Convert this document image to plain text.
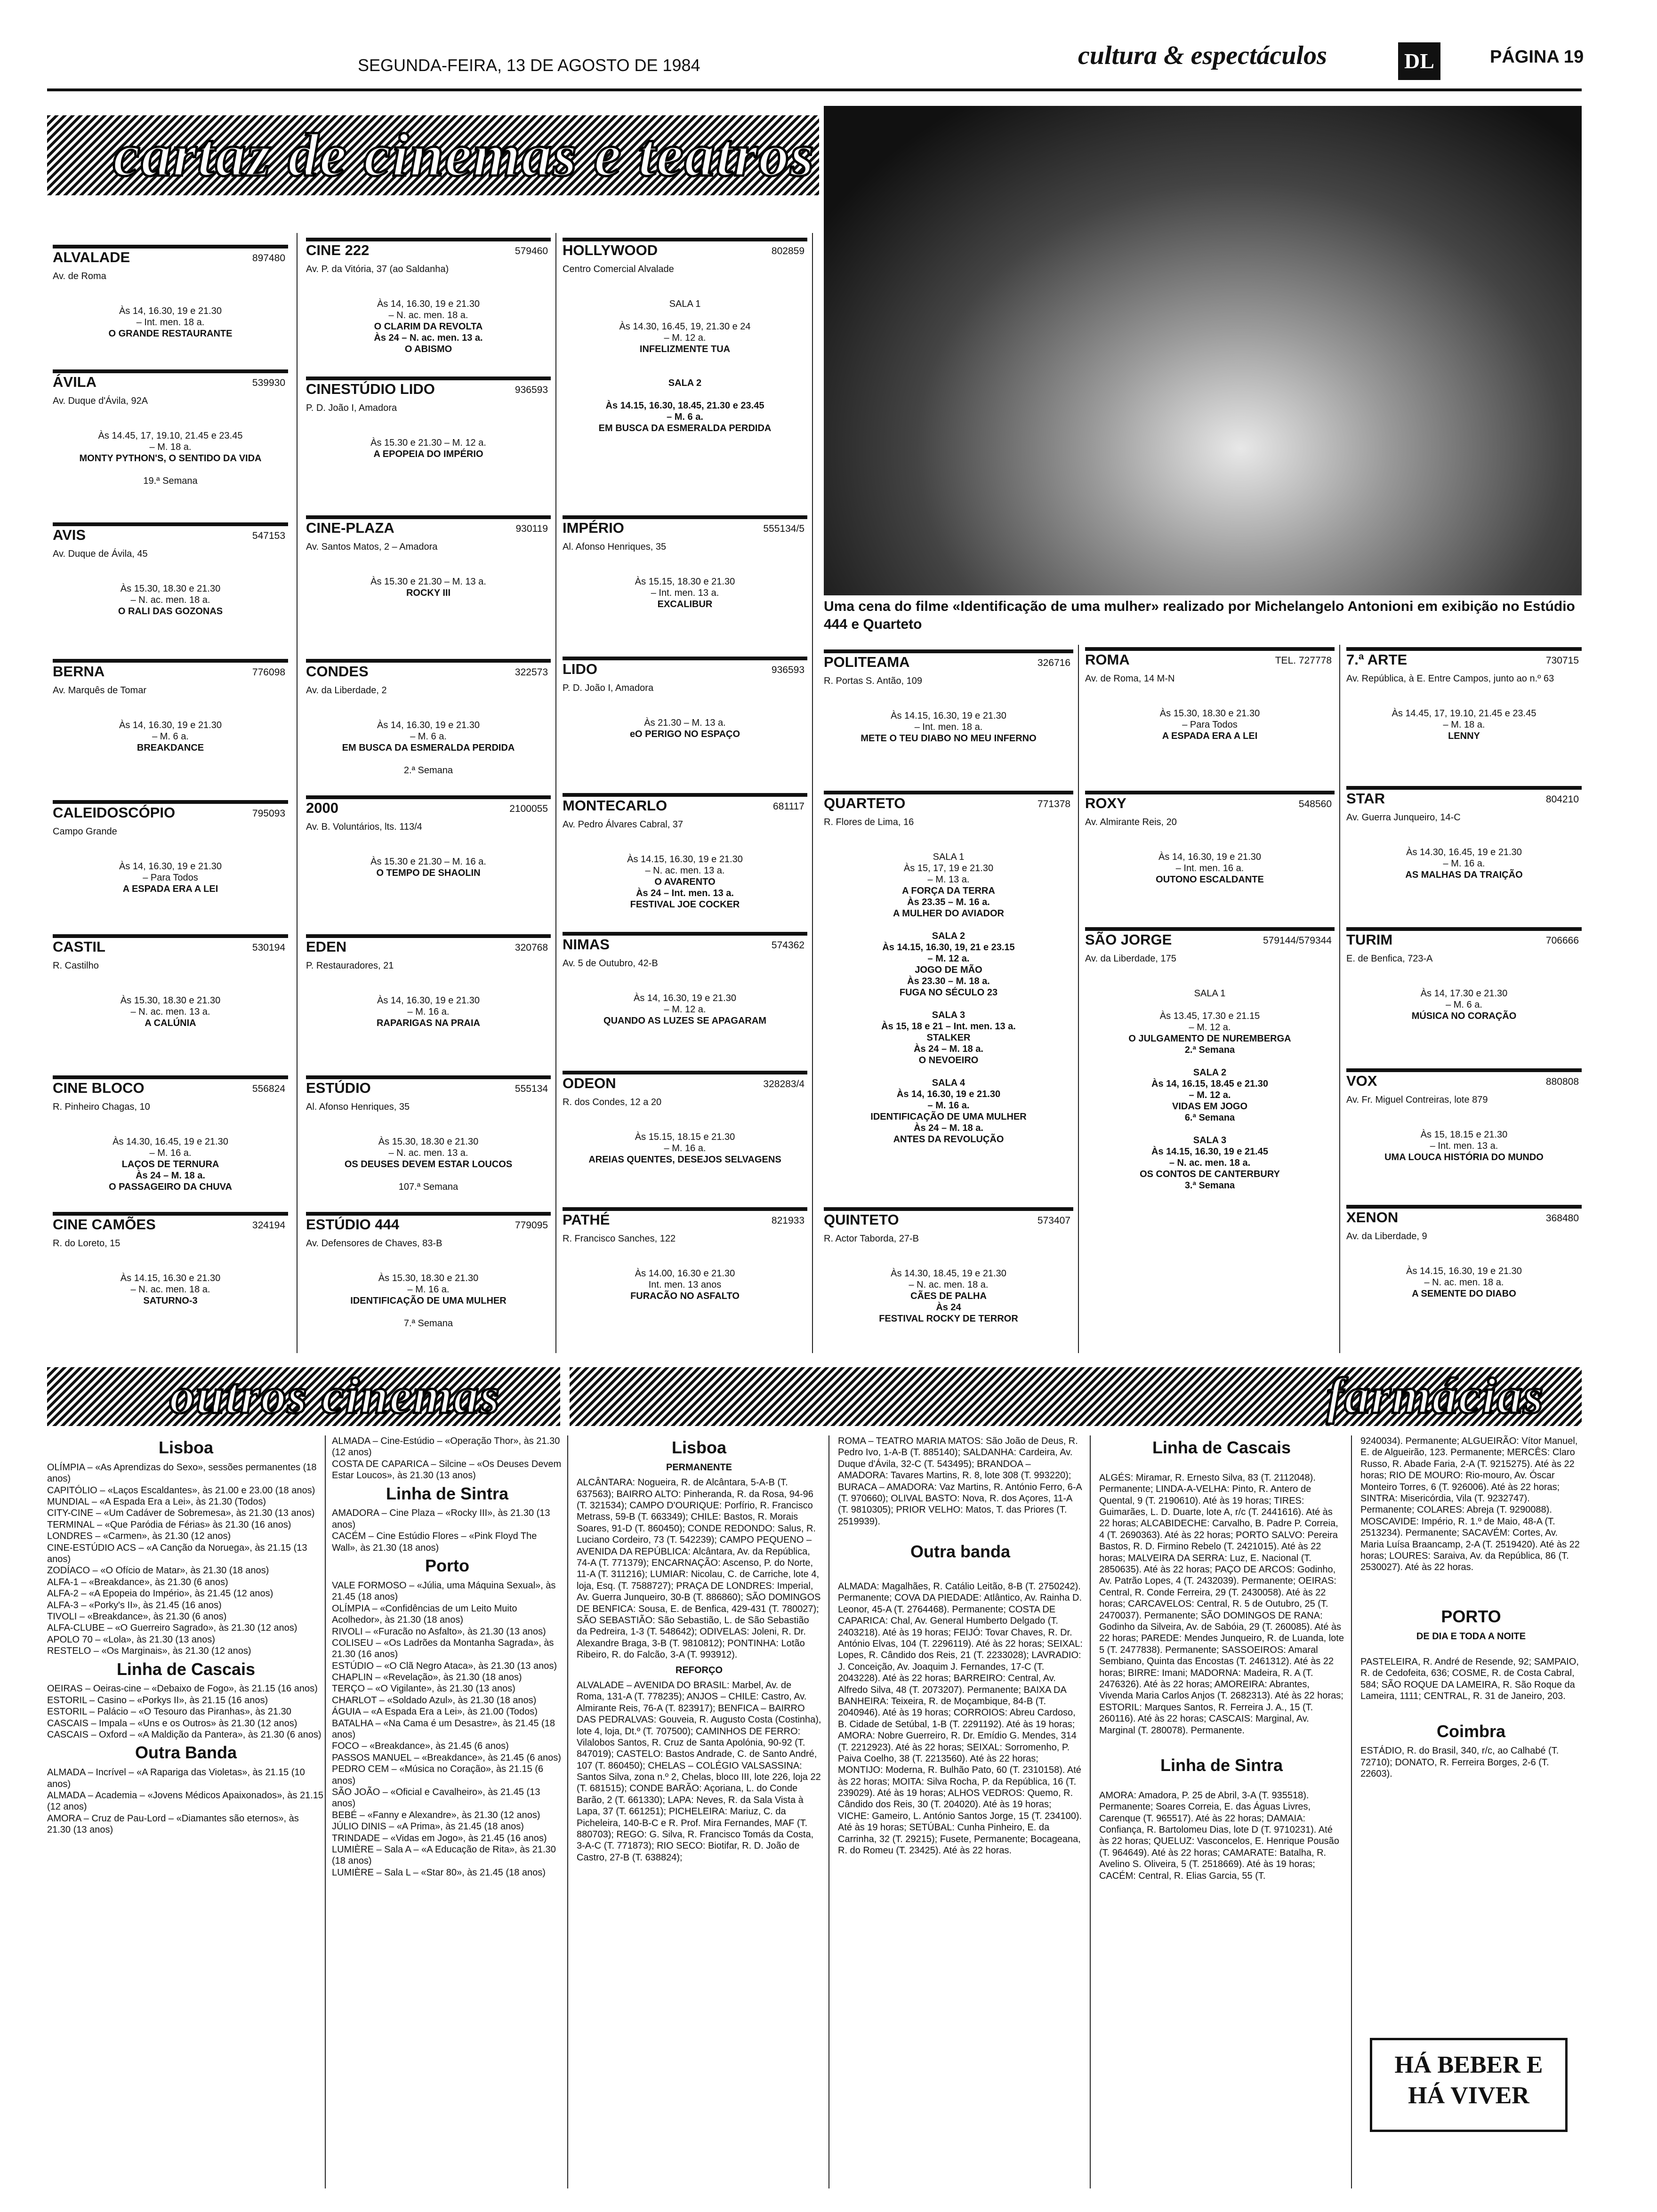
SEGUNDA-FEIRA, 13 DE AGOSTO DE 1984	cultura & espectáculos	DL	PÁGINA 19
cartaz de cinemas e teatros
Uma cena do filme «Identificação de uma mulher» realizado por Michelangelo Antonioni em exibição no Estúdio 444 e Quarteto
ALVALADE	897480
Av. de Roma

Às 14, 16.30, 19 e 21.30
– Int. men. 18 a.

O GRANDE RESTAURANTE

ÁVILA	539930
Av. Duque d'Ávila, 92A

Às 14.45, 17, 19.10, 21.45 e 23.45
– M. 18 a.

MONTY PYTHON'S, O SENTIDO DA VIDA

19.ª Semana

AVIS	547153
Av. Duque de Ávila, 45

Às 15.30, 18.30 e 21.30
– N. ac. men. 18 a.

O RALI DAS GOZONAS

BERNA	776098
Av. Marquês de Tomar

Às 14, 16.30, 19 e 21.30
– M. 6 a.

BREAKDANCE

CALEIDOSCÓPIO	795093
Campo Grande

Às 14, 16.30, 19 e 21.30
– Para Todos

A ESPADA ERA A LEI

CASTIL	530194
R. Castilho

Às 15.30, 18.30 e 21.30
– N. ac. men. 13 a.

A CALÚNIA

CINE BLOCO	556824
R. Pinheiro Chagas, 10

Às 14.30, 16.45, 19 e 21.30
– M. 16 a.

LAÇOS DE TERNURA
Às 24 – M. 18 a.
O PASSAGEIRO DA CHUVA

CINE CAMÕES	324194
R. do Loreto, 15

Às 14.15, 16.30 e 21.30
– N. ac. men. 18 a.

SATURNO-3

CINE 222	579460
Av. P. da Vitória, 37 (ao Saldanha)

Às 14, 16.30, 19 e 21.30
– N. ac. men. 18 a.

O CLARIM DA REVOLTA
Às 24 – N. ac. men. 13 a.
O ABISMO

CINESTÚDIO LIDO	936593
P. D. João I, Amadora

Às 15.30 e 21.30 – M. 12 a.

A EPOPEIA DO IMPÉRIO

CINE-PLAZA	930119
Av. Santos Matos, 2 – Amadora

Às 15.30 e 21.30 – M. 13 a.

ROCKY III

CONDES	322573
Av. da Liberdade, 2

Às 14, 16.30, 19 e 21.30
– M. 6 a.

EM BUSCA DA ESMERALDA PERDIDA

2.ª Semana

2000	2100055
Av. B. Voluntários, lts. 113/4

Às 15.30 e 21.30 – M. 16 a.

O TEMPO DE SHAOLIN

EDEN	320768
P. Restauradores, 21

Às 14, 16.30, 19 e 21.30
– M. 16 a.

RAPARIGAS NA PRAIA

ESTÚDIO	555134
Al. Afonso Henriques, 35

Às 15.30, 18.30 e 21.30
– N. ac. men. 13 a.

OS DEUSES DEVEM ESTAR LOUCOS

107.ª Semana

ESTÚDIO 444	779095
Av. Defensores de Chaves, 83-B

Às 15.30, 18.30 e 21.30
– M. 16 a.

IDENTIFICAÇÃO DE UMA MULHER

7.ª Semana

HOLLYWOOD	802859
Centro Comercial Alvalade

SALA 1

Às 14.30, 16.45, 19, 21.30 e 24
– M. 12 a.

INFELIZMENTE TUA

SALA 2

Às 14.15, 16.30, 18.45, 21.30 e 23.45
– M. 6 a.
EM BUSCA DA ESMERALDA PERDIDA

IMPÉRIO	555134/5
Al. Afonso Henriques, 35

Às 15.15, 18.30 e 21.30
– Int. men. 13 a.

EXCALIBUR

LIDO	936593
P. D. João I, Amadora

Às 21.30 – M. 13 a.

eO PERIGO NO ESPAÇO

MONTECARLO	681117
Av. Pedro Álvares Cabral, 37

Às 14.15, 16.30, 19 e 21.30
– N. ac. men. 13 a.

O AVARENTO
Às 24 – Int. men. 13 a.
FESTIVAL JOE COCKER

NIMAS	574362
Av. 5 de Outubro, 42-B

Às 14, 16.30, 19 e 21.30
– M. 12 a.

QUANDO AS LUZES SE APAGARAM

ODEON	328283/4
R. dos Condes, 12 a 20

Às 15.15, 18.15 e 21.30
– M. 16 a.

AREIAS QUENTES, DESEJOS SELVAGENS

PATHÉ	821933
R. Francisco Sanches, 122

Às 14.00, 16.30 e 21.30
Int. men. 13 anos

FURACÃO NO ASFALTO

POLITEAMA	326716
R. Portas S. Antão, 109

Às 14.15, 16.30, 19 e 21.30
– Int. men. 18 a.

METE O TEU DIABO NO MEU INFERNO

QUARTETO	771378
R. Flores de Lima, 16

SALA 1
Às 15, 17, 19 e 21.30
– M. 13 a.

A FORÇA DA TERRA
Às 23.35 – M. 16 a.
A MULHER DO AVIADOR

SALA 2
Às 14.15, 16.30, 19, 21 e 23.15
– M. 12 a.
JOGO DE MÃO
Às 23.30 – M. 18 a.
FUGA NO SÉCULO 23

SALA 3
Às 15, 18 e 21 – Int. men. 13 a.
STALKER
Às 24 – M. 18 a.
O NEVOEIRO

SALA 4
Às 14, 16.30, 19 e 21.30
– M. 16 a.
IDENTIFICAÇÃO DE UMA MULHER
Às 24 – M. 18 a.
ANTES DA REVOLUÇÃO

QUINTETO	573407
R. Actor Taborda, 27-B

Às 14.30, 18.45, 19 e 21.30
– N. ac. men. 18 a.

CÃES DE PALHA
Às 24
FESTIVAL ROCKY DE TERROR

ROMA	TEL. 727778
Av. de Roma, 14 M-N

Às 15.30, 18.30 e 21.30
– Para Todos

A ESPADA ERA A LEI

ROXY	548560
Av. Almirante Reis, 20

Às 14, 16.30, 19 e 21.30
– Int. men. 16 a.

OUTONO ESCALDANTE

SÃO JORGE	579144/579344
Av. da Liberdade, 175

SALA 1

Às 13.45, 17.30 e 21.15
– M. 12 a.

O JULGAMENTO DE NUREMBERGA
2.ª Semana

SALA 2
Às 14, 16.15, 18.45 e 21.30
– M. 12 a.
VIDAS EM JOGO
6.ª Semana

SALA 3
Às 14.15, 16.30, 19 e 21.45
– N. ac. men. 18 a.
OS CONTOS DE CANTERBURY
3.ª Semana

7.ª ARTE	730715
Av. República, à E. Entre Campos, junto ao n.º 63

Às 14.45, 17, 19.10, 21.45 e 23.45
– M. 18 a.

LENNY

STAR	804210
Av. Guerra Junqueiro, 14-C

Às 14.30, 16.45, 19 e 21.30
– M. 16 a.

AS MALHAS DA TRAIÇÃO

TURIM	706666
E. de Benfica, 723-A

Às 14, 17.30 e 21.30
– M. 6 a.

MÚSICA NO CORAÇÃO

VOX	880808
Av. Fr. Miguel Contreiras, lote 879

Às 15, 18.15 e 21.30
– Int. men. 13 a.

UMA LOUCA HISTÓRIA DO MUNDO

XENON	368480
Av. da Liberdade, 9

Às 14.15, 16.30, 19 e 21.30
– N. ac. men. 18 a.

A SEMENTE DO DIABO

outros cinemas	farmácias
Lisboa
OLÍMPIA – «As Aprendizas do Sexo», sessões permanentes (18 anos)
CAPITÓLIO – «Laços Escaldantes», às 21.00 e 23.00 (18 anos)
MUNDIAL – «A Espada Era a Lei», às 21.30 (Todos)
CITY-CINE – «Um Cadáver de Sobremesa», às 21.30 (13 anos)
TERMINAL – «Que Paródia de Férias» às 21.30 (16 anos)
LONDRES – «Carmen», às 21.30 (12 anos)
CINE-ESTÚDIO ACS – «A Canção da Noruega», às 21.15 (13 anos)
ZODÍACO – «O Ofício de Matar», às 21.30 (18 anos)
ALFA-1 – «Breakdance», às 21.30 (6 anos)
ALFA-2 – «A Epopeia do Império», às 21.45 (12 anos)
ALFA-3 – «Porky's II», às 21.45 (16 anos)
TIVOLI – «Breakdance», às 21.30 (6 anos)
ALFA-CLUBE – «O Guerreiro Sagrado», às 21.30 (12 anos)
APOLO 70 – «Lola», às 21.30 (13 anos)
RESTELO – «Os Marginais», às 21.30 (12 anos)
Linha de Cascais
OEIRAS – Oeiras-cine – «Debaixo de Fogo», às 21.15 (16 anos)
ESTORIL – Casino – «Porkys II», às 21.15 (16 anos)
ESTORIL – Palácio – «O Tesouro das Piranhas», às 21.30
CASCAIS – Impala – «Uns e os Outros» às 21.30 (12 anos)
CASCAIS – Oxford – «A Maldição da Pantera», às 21.30 (6 anos)
Outra Banda
ALMADA – Incrível – «A Rapariga das Violetas», às 21.15 (10 anos)
ALMADA – Academia – «Jovens Médicos Apaixonados», às 21.15 (12 anos)
AMORA – Cruz de Pau-Lord – «Diamantes são eternos», às 21.30 (13 anos)
ALMADA – Cine-Estúdio – «Operação Thor», às 21.30 (12 anos)
COSTA DE CAPARICA – Silcine – «Os Deuses Devem Estar Loucos», às 21.30 (13 anos)
Linha de Sintra
AMADORA – Cine Plaza – «Rocky III», às 21.30 (13 anos)
CACÉM – Cine Estúdio Flores – «Pink Floyd The Wall», às 21.30 (18 anos)
Porto
VALE FORMOSO – «Júlia, uma Máquina Sexual», às 21.45 (18 anos)
OLÍMPIA – «Confidências de um Leito Muito Acolhedor», às 21.30 (18 anos)
RIVOLI – «Furacão no Asfalto», às 21.30 (13 anos)
COLISEU – «Os Ladrões da Montanha Sagrada», às 21.30 (16 anos)
ESTÚDIO – «O Clã Negro Ataca», às 21.30 (13 anos)
CHAPLIN – «Revelação», às 21.30 (18 anos)
TERÇO – «O Vigilante», às 21.30 (13 anos)
CHARLOT – «Soldado Azul», às 21.30 (18 anos)
ÁGUIA – «A Espada Era a Lei», às 21.00 (Todos)
BATALHA – «Na Cama é um Desastre», às 21.45 (18 anos)
FOCO – «Breakdance», às 21.45 (6 anos)
PASSOS MANUEL – «Breakdance», às 21.45 (6 anos)
PEDRO CEM – «Música no Coração», às 21.15 (6 anos)
SÃO JOÃO – «Oficial e Cavalheiro», às 21.45 (13 anos)
BEBÉ – «Fanny e Alexandre», às 21.30 (12 anos)
JÚLIO DINIS – «A Prima», às 21.45 (18 anos)
TRINDADE – «Vidas em Jogo», às 21.45 (16 anos)
LUMIÈRE – Sala A – «A Educação de Rita», às 21.30 (18 anos)
LUMIÈRE – Sala L – «Star 80», às 21.45 (18 anos)
Lisboa
PERMANENTE
ALCÂNTARA: Nogueira, R. de Alcântara, 5-A-B (T. 637563); BAIRRO ALTO: Pinheranda, R. da Rosa, 94-96 (T. 321534); CAMPO D'OURIQUE: Porfírio, R. Francisco Metrass, 59-B (T. 663349); CHILE: Bastos, R. Morais Soares, 91-D (T. 860450); CONDE REDONDO: Salus, R. Luciano Cordeiro, 73 (T. 542239); CAMPO PEQUENO – AVENIDA DA REPÚBLICA: Alcântara, Av. da República, 74-A (T. 771379); ENCARNAÇÃO: Ascenso, P. do Norte, 11-A (T. 311216); LUMIAR: Nicolau, C. de Carriche, lote 4, loja, Esq. (T. 7588727); PRAÇA DE LONDRES: Imperial, Av. Guerra Junqueiro, 30-B (T. 886860); SÃO DOMINGOS DE BENFICA: Sousa, E. de Benfica, 429-431 (T. 780027); SÃO SEBASTIÃO: São Sebastião, L. de São Sebastião da Pedreira, 1-3 (T. 548642); ODIVELAS: Joleni, R. Dr. Alexandre Braga, 3-B (T. 9810812); PONTINHA: Lotão Ribeiro, R. do Falcão, 3-A (T. 993912).
REFORÇO
ALVALADE – AVENIDA DO BRASIL: Marbel, Av. de Roma, 131-A (T. 778235); ANJOS – CHILE: Castro, Av. Almirante Reis, 76-A (T. 823917); BENFICA – BAIRRO DAS PEDRALVAS: Gouveia, R. Augusto Costa (Costinha), lote 4, loja, Dt.º (T. 707500); CAMINHOS DE FERRO: Vilalobos Santos, R. Cruz de Santa Apolónia, 90-92 (T. 847019); CASTELO: Bastos Andrade, C. de Santo André, 107 (T. 860450); CHELAS – COLÉGIO VALSASSINA: Santos Silva, zona n.º 2, Chelas, bloco III, lote 226, loja 22 (T. 681515); CONDE BARÃO: Açoriana, L. do Conde Barão, 2 (T. 661330); LAPA: Neves, R. da Sala Vista à Lapa, 37 (T. 661251); PICHELEIRA: Mariuz, C. da Picheleira, 140-B-C e R. Prof. Mira Fernandes, MAF (T. 880703); REGO: G. Silva, R. Francisco Tomás da Costa, 3-A-C (T. 771873); RIO SECO: Biotifar, R. D. João de Castro, 27-B (T. 638824);
ROMA – TEATRO MARIA MATOS: São João de Deus, R. Pedro Ivo, 1-A-B (T. 885140); SALDANHA: Cardeira, Av. Duque d'Ávila, 32-C (T. 543495); BRANDOA – AMADORA: Tavares Martins, R. 8, lote 308 (T. 993220); BURACA – AMADORA: Vaz Martins, R. António Ferro, 6-A (T. 970660); OLIVAL BASTO: Nova, R. dos Açores, 11-A (T. 9810305); PRIOR VELHO: Matos, T. das Priores (T. 2519939).
Outra banda
ALMADA: Magalhães, R. Catálio Leitão, 8-B (T. 2750242). Permanente; COVA DA PIEDADE: Atlântico, Av. Rainha D. Leonor, 45-A (T. 2764468). Permanente; COSTA DE CAPARICA: Chal, Av. General Humberto Delgado (T. 2403218). Até às 19 horas; FEIJÓ: Tovar Chaves, R. Dr. António Elvas, 104 (T. 2296119). Até às 22 horas; SEIXAL: Lopes, R. Cândido dos Reis, 21 (T. 2233028); LAVRADIO: J. Conceição, Av. Joaquim J. Fernandes, 17-C (T. 2043228). Até às 22 horas; BARREIRO: Central, Av. Alfredo Silva, 48 (T. 2073207). Permanente; BAIXA DA BANHEIRA: Teixeira, R. de Moçambique, 84-B (T. 2040946). Até às 19 horas; CORROIOS: Abreu Cardoso, B. Cidade de Setúbal, 1-B (T. 2291192). Até às 19 horas; AMORA: Nobre Guerreiro, R. Dr. Emídio G. Mendes, 314 (T. 2212923). Até às 22 horas; SEIXAL: Sorromenho, P. Paiva Coelho, 38 (T. 2213560). Até às 22 horas; MONTIJO: Moderna, R. Bulhão Pato, 60 (T. 2310158). Até às 22 horas; MOITA: Silva Rocha, P. da República, 16 (T. 239029). Até às 19 horas; ALHOS VEDROS: Quemo, R. Cândido dos Reis, 30 (T. 204020). Até às 19 horas; VICHE: Gameiro, L. António Santos Jorge, 15 (T. 234100). Até às 19 horas; SETÚBAL: Cunha Pinheiro, E. da Carrinha, 32 (T. 29215); Fusete, Permanente; Bocageana, R. do Romeu (T. 23425). Até às 22 horas.
Linha de Cascais
ALGÉS: Miramar, R. Ernesto Silva, 83 (T. 2112048). Permanente; LINDA-A-VELHA: Pinto, R. Antero de Quental, 9 (T. 2190610). Até às 19 horas; TIRES: Guimarães, L. D. Duarte, lote A, r/c (T. 2441616). Até às 22 horas; ALCABIDECHE: Carvalho, B. Padre P. Correia, 4 (T. 2690363). Até às 22 horas; PORTO SALVO: Pereira Bastos, R. D. Firmino Rebelo (T. 2421015). Até às 22 horas; MALVEIRA DA SERRA: Luz, E. Nacional (T. 2850635). Até às 22 horas; PAÇO DE ARCOS: Godinho, Av. Patrão Lopes, 4 (T. 2432039). Permanente; OEIRAS: Central, R. Conde Ferreira, 29 (T. 2430058). Até às 22 horas; CARCAVELOS: Central, R. 5 de Outubro, 25 (T. 2470037). Permanente; SÃO DOMINGOS DE RANA: Godinho da Silveira, Av. de Sabóia, 29 (T. 260085). Até às 22 horas; PAREDE: Mendes Junqueiro, R. de Luanda, lote 5 (T. 2477838). Permanente; SASSOEIROS: Amaral Sembiano, Quinta das Encostas (T. 2461312). Até às 22 horas; BIRRE: Imani; MADORNA: Madeira, R. A (T. 2476326). Até às 22 horas; AMOREIRA: Abrantes, Vivenda Maria Carlos Anjos (T. 2682313). Até às 22 horas; ESTORIL: Marques Santos, R. Ferreira J. A., 15 (T. 260116). Até às 22 horas; CASCAIS: Marginal, Av. Marginal (T. 280078). Permanente.
Linha de Sintra
AMORA: Amadora, P. 25 de Abril, 3-A (T. 935518). Permanente; Soares Correia, E. das Águas Livres, Carenque (T. 965517). Até às 22 horas; DAMAIA: Confiança, R. Bartolomeu Dias, lote D (T. 9710231). Até às 22 horas; QUELUZ: Vasconcelos, E. Henrique Pousão (T. 964649). Até às 22 horas; CAMARATE: Batalha, R. Avelino S. Oliveira, 5 (T. 2518669). Até às 19 horas; CACÉM: Central, R. Elias Garcia, 55 (T.
9240034). Permanente; ALGUEIRÃO: Vítor Manuel, E. de Algueirão, 123. Permanente; MERCÊS: Claro Russo, R. Abade Faria, 2-A (T. 9215275). Até às 22 horas; RIO DE MOURO: Rio-mouro, Av. Óscar Monteiro Torres, 6 (T. 926006). Até às 22 horas; SINTRA: Misericórdia, Vila (T. 9232747). Permanente; COLARES: Abreja (T. 9290088).
MOSCAVIDE: Império, R. 1.º de Maio, 48-A (T. 2513234). Permanente; SACAVÉM: Cortes, Av. Maria Luísa Braancamp, 2-A (T. 2519420). Até às 22 horas; LOURES: Saraiva, Av. da República, 86 (T. 2530027). Até às 22 horas.
PORTO
DE DIA E TODA A NOITE
PASTELEIRA, R. André de Resende, 92; SAMPAIO, R. de Cedofeita, 636; COSME, R. de Costa Cabral, 584; SÃO ROQUE DA LAMEIRA, R. São Roque da Lameira, 1111; CENTRAL, R. 31 de Janeiro, 203.
Coimbra
ESTÁDIO, R. do Brasil, 340, r/c, ao Calhabé (T. 72710); DONATO, R. Ferreira Borges, 2-6 (T. 22603).
HÁ BEBER E
HÁ VIVER
